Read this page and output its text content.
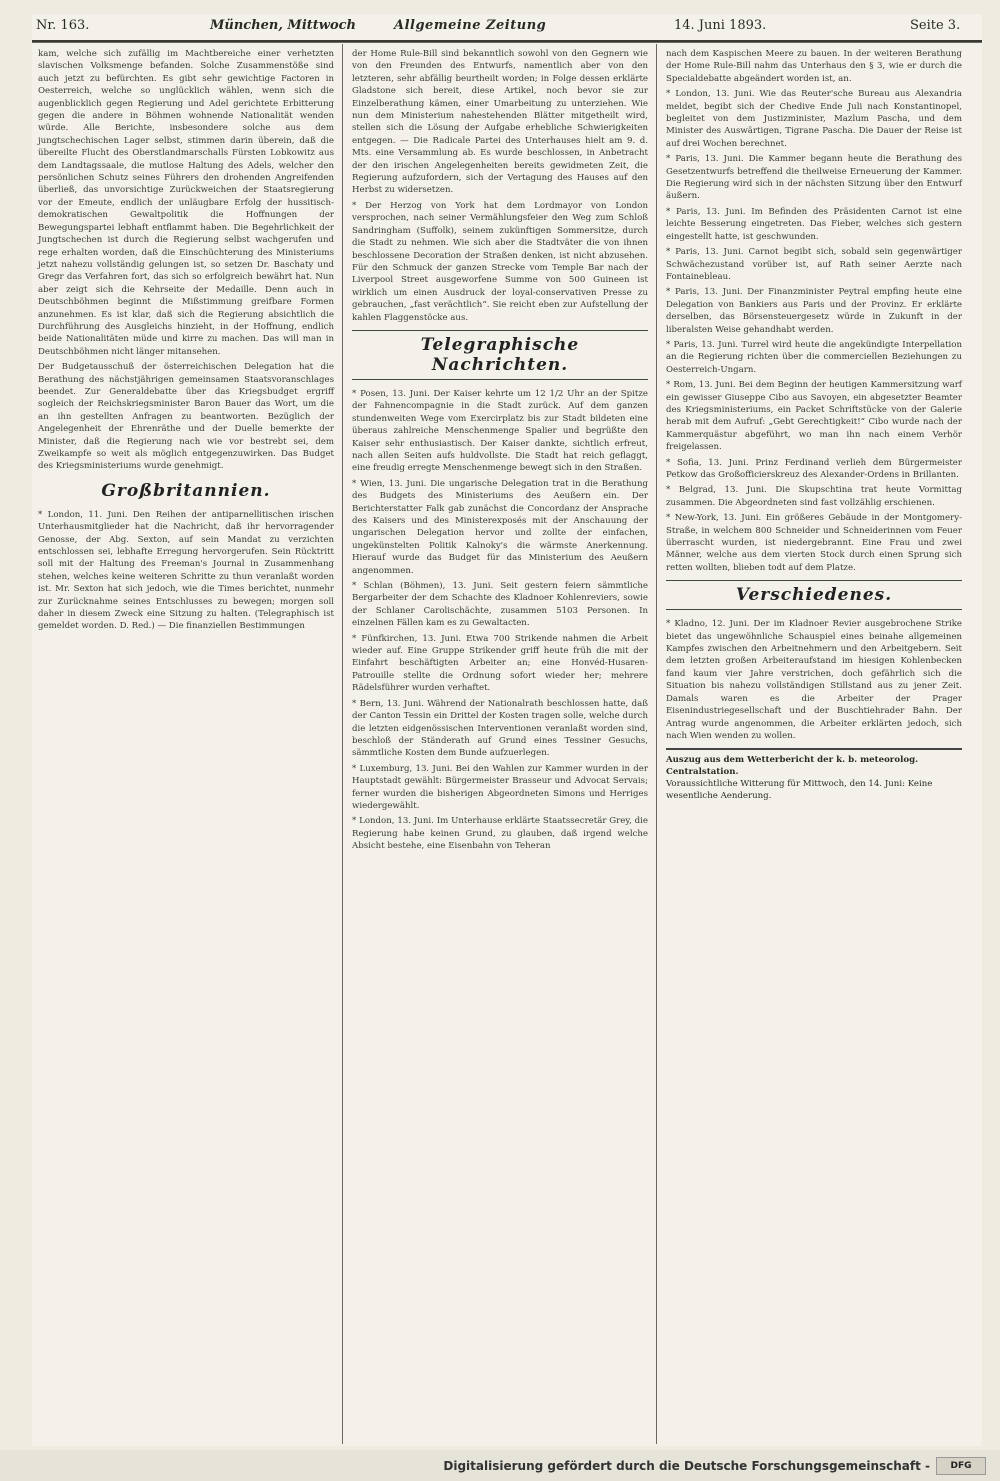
Nr. 163.	München, Mittwoch	Allgemeine Zeitung	14. Juni 1893.	Seite 3.

kam, welche sich zufällig im Machtbereiche einer verhetzten slavischen Volksmenge befanden. Solche Zusammenstöße sind auch jetzt zu befürchten. Es gibt sehr gewichtige Factoren in Oesterreich, welche so unglücklich wählen, wenn sich die augenblicklich gegen Regierung und Adel gerichtete Erbitterung gegen die andere in Böhmen wohnende Nationalität wenden würde. Alle Berichte, insbesondere solche aus dem jungtschechischen Lager selbst, stimmen darin überein, daß die übereilte Flucht des Oberstlandmarschalls Fürsten Lobkowitz aus dem Landtagssaale, die mutlose Haltung des Adels, welcher den persönlichen Schutz seines Führers den drohenden Angreifenden überließ, das unvorsichtige Zurückweichen der Staatsregierung vor der Emeute, endlich der unläugbare Erfolg der hussitisch-demokratischen Gewaltpolitik die Hoffnungen der Bewegungspartei lebhaft entflammt haben. Die Begehrlichkeit der Jungtschechen ist durch die Regierung selbst wachgerufen und rege erhalten worden, daß die Einschüchterung des Ministeriums jetzt nahezu vollständig gelungen ist, so setzen Dr. Baschaty und Gregr das Verfahren fort, das sich so erfolgreich bewährt hat. Nun aber zeigt sich die Kehrseite der Medaille. Denn auch in Deutschböhmen beginnt die Mißstimmung greifbare Formen anzunehmen. Es ist klar, daß sich die Regierung absichtlich die Durchführung des Ausgleichs hinzieht, in der Hoffnung, endlich beide Nationalitäten müde und kirre zu machen. Das will man in Deutschböhmen nicht länger mitansehen.

Der Budgetausschuß der österreichischen Delegation hat die Berathung des nächstjährigen gemeinsamen Staatsvoranschlages beendet. Zur Generaldebatte über das Kriegsbudget ergriff sogleich der Reichskriegsminister Baron Bauer das Wort, um die an ihn gestellten Anfragen zu beantworten. Bezüglich der Angelegenheit der Ehrenräthe und der Duelle bemerkte der Minister, daß die Regierung nach wie vor bestrebt sei, dem Zweikampfe so weit als möglich entgegenzuwirken. Das Budget des Kriegsministeriums wurde genehmigt.

Großbritannien.

* London, 11. Juni. Den Reihen der antiparnellitischen irischen Unterhausmitglieder hat die Nachricht, daß ihr hervorragender Genosse, der Abg. Sexton, auf sein Mandat zu verzichten entschlossen sei, lebhafte Erregung hervorgerufen. Sein Rücktritt soll mit der Haltung des Freeman's Journal in Zusammenhang stehen, welches keine weiteren Schritte zu thun veranlaßt worden ist. Mr. Sexton hat sich jedoch, wie die Times berichtet, nunmehr zur Zurücknahme seines Entschlusses zu bewegen; morgen soll daher in diesem Zweck eine Sitzung zu halten. (Telegraphisch ist gemeldet worden. D. Red.) — Die finanziellen Bestimmungen

der Home Rule-Bill sind bekanntlich sowohl von den Gegnern wie von den Freunden des Entwurfs, namentlich aber von den letzteren, sehr abfällig beurtheilt worden; in Folge dessen erklärte Gladstone sich bereit, diese Artikel, noch bevor sie zur Einzelberathung kämen, einer Umarbeitung zu unterziehen. Wie nun dem Ministerium nahestehenden Blätter mitgetheilt wird, stellen sich die Lösung der Aufgabe erhebliche Schwierigkeiten entgegen. — Die Radicale Partei des Unterhauses hielt am 9. d. Mts. eine Versammlung ab. Es wurde beschlossen, in Anbetracht der den irischen Angelegenheiten bereits gewidmeten Zeit, die Regierung aufzufordern, sich der Vertagung des Hauses auf den Herbst zu widersetzen.

* Der Herzog von York hat dem Lordmayor von London versprochen, nach seiner Vermählungsfeier den Weg zum Schloß Sandringham (Suffolk), seinem zukünftigen Sommersitze, durch die Stadt zu nehmen. Wie sich aber die Stadtväter die von ihnen beschlossene Decoration der Straßen denken, ist nicht abzusehen. Für den Schmuck der ganzen Strecke vom Temple Bar nach der Liverpool Street ausgeworfene Summe von 500 Guineen ist wirklich um einen Ausdruck der loyal-conservativen Presse zu gebrauchen, „fast verächtlich“. Sie reicht eben zur Aufstellung der kahlen Flaggenstöcke aus.

Telegraphische Nachrichten.

* Posen, 13. Juni. Der Kaiser kehrte um 12 1/2 Uhr an der Spitze der Fahnencompagnie in die Stadt zurück. Auf dem ganzen stundenweiten Wege vom Exercirplatz bis zur Stadt bildeten eine überaus zahlreiche Menschenmenge Spalier und begrüßte den Kaiser sehr enthusiastisch. Der Kaiser dankte, sichtlich erfreut, nach allen Seiten aufs huldvollste. Die Stadt hat reich geflaggt, eine freudig erregte Menschenmenge bewegt sich in den Straßen.

* Wien, 13. Juni. Die ungarische Delegation trat in die Berathung des Budgets des Ministeriums des Aeußern ein. Der Berichterstatter Falk gab zunächst die Concordanz der Ansprache des Kaisers und des Ministerexposés mit der Anschauung der ungarischen Delegation hervor und zollte der einfachen, ungekünstelten Politik Kalnoky's die wärmste Anerkennung. Hierauf wurde das Budget für das Ministerium des Aeußern angenommen.

* Schlan (Böhmen), 13. Juni. Seit gestern feiern sämmtliche Bergarbeiter der dem Schachte des Kladnoer Kohlenreviers, sowie der Schlaner Carolischächte, zusammen 5103 Personen. In einzelnen Fällen kam es zu Gewaltacten.

* Fünfkirchen, 13. Juni. Etwa 700 Strikende nahmen die Arbeit wieder auf. Eine Gruppe Strikender griff heute früh die mit der Einfahrt beschäftigten Arbeiter an; eine Honvéd-Husaren-Patrouille stellte die Ordnung sofort wieder her; mehrere Rädelsführer wurden verhaftet.

* Bern, 13. Juni. Während der Nationalrath beschlossen hatte, daß der Canton Tessin ein Drittel der Kosten tragen solle, welche durch die letzten eidgenössischen Interventionen veranlaßt worden sind, beschloß der Ständerath auf Grund eines Tessiner Gesuchs, sämmtliche Kosten dem Bunde aufzuerlegen.

* Luxemburg, 13. Juni. Bei den Wahlen zur Kammer wurden in der Hauptstadt gewählt: Bürgermeister Brasseur und Advocat Servais; ferner wurden die bisherigen Abgeordneten Simons und Herriges wiedergewählt.

* London, 13. Juni. Im Unterhause erklärte Staatssecretär Grey, die Regierung habe keinen Grund, zu glauben, daß irgend welche Absicht bestehe, eine Eisenbahn von Teheran

nach dem Kaspischen Meere zu bauen. In der weiteren Berathung der Home Rule-Bill nahm das Unterhaus den § 3, wie er durch die Specialdebatte abgeändert worden ist, an.

* London, 13. Juni. Wie das Reuter'sche Bureau aus Alexandria meldet, begibt sich der Chedive Ende Juli nach Konstantinopel, begleitet von dem Justizminister, Mazlum Pascha, und dem Minister des Auswärtigen, Tigrane Pascha. Die Dauer der Reise ist auf drei Wochen berechnet.

* Paris, 13. Juni. Die Kammer begann heute die Berathung des Gesetzentwurfs betreffend die theilweise Erneuerung der Kammer. Die Regierung wird sich in der nächsten Sitzung über den Entwurf äußern.

* Paris, 13. Juni. Im Befinden des Präsidenten Carnot ist eine leichte Besserung eingetreten. Das Fieber, welches sich gestern eingestellt hatte, ist geschwunden.

* Paris, 13. Juni. Carnot begibt sich, sobald sein gegenwärtiger Schwächezustand vorüber ist, auf Rath seiner Aerzte nach Fontainebleau.

* Paris, 13. Juni. Der Finanzminister Peytral empfing heute eine Delegation von Bankiers aus Paris und der Provinz. Er erklärte derselben, das Börsensteuergesetz würde in Zukunft in der liberalsten Weise gehandhabt werden.

* Paris, 13. Juni. Turrel wird heute die angekündigte Interpellation an die Regierung richten über die commerciellen Beziehungen zu Oesterreich-Ungarn.

* Rom, 13. Juni. Bei dem Beginn der heutigen Kammersitzung warf ein gewisser Giuseppe Cibo aus Savoyen, ein abgesetzter Beamter des Kriegsministeriums, ein Packet Schriftstücke von der Galerie herab mit dem Aufruf: „Gebt Gerechtigkeit!“ Cibo wurde nach der Kammerquästur abgeführt, wo man ihn nach einem Verhör freigelassen.

* Sofia, 13. Juni. Prinz Ferdinand verlieh dem Bürgermeister Petkow das Großofficierskreuz des Alexander-Ordens in Brillanten.

* Belgrad, 13. Juni. Die Skupschtina trat heute Vormittag zusammen. Die Abgeordneten sind fast vollzählig erschienen.

* New-York, 13. Juni. Ein größeres Gebäude in der Montgomery-Straße, in welchem 800 Schneider und Schneiderinnen vom Feuer überrascht wurden, ist niedergebrannt. Eine Frau und zwei Männer, welche aus dem vierten Stock durch einen Sprung sich retten wollten, blieben todt auf dem Platze.

Verschiedenes.

* Kladno, 12. Juni. Der im Kladnoer Revier ausgebrochene Strike bietet das ungewöhnliche Schauspiel eines beinahe allgemeinen Kampfes zwischen den Arbeitnehmern und den Arbeitgebern. Seit dem letzten großen Arbeiteraufstand im hiesigen Kohlenbecken fand kaum vier Jahre verstrichen, doch gefährlich sich die Situation bis nahezu vollständigen Stillstand aus zu jener Zeit. Damals waren es die Arbeiter der Prager Eisenindustriegesellschaft und der Buschtiehrader Bahn. Der Antrag wurde angenommen, die Arbeiter erklärten jedoch, sich nach Wien wenden zu wollen.

Auszug aus dem Wetterbericht der k. b. meteorolog. Centralstation.
Voraussichtliche Witterung für Mittwoch, den 14. Juni: Keine wesentliche Aenderung.
Digitalisierung gefördert durch die Deutsche Forschungsgemeinschaft -	DFG
